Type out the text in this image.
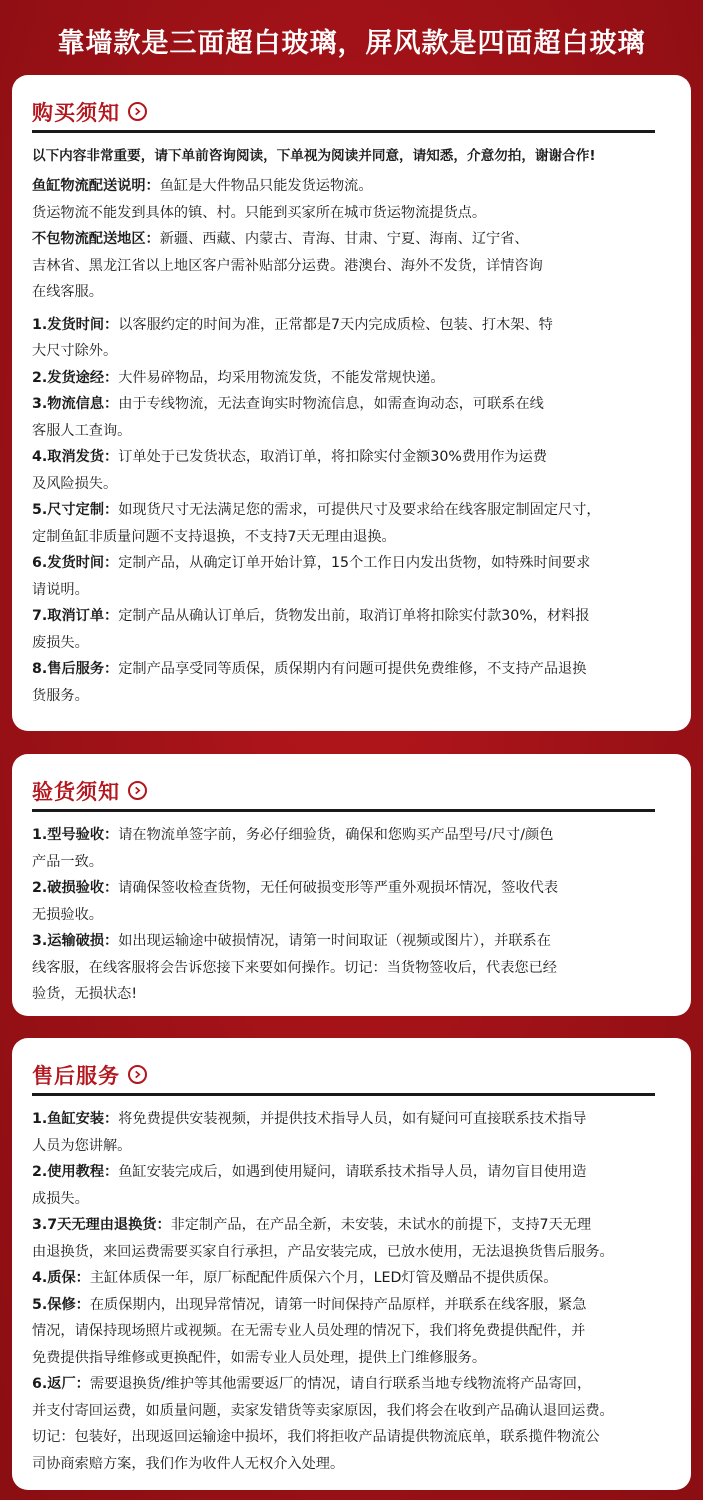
靠墙款是三面超白玻璃，屏风款是四面超白玻璃
购买须知
以下内容非常重要，请下单前咨询阅读，下单视为阅读并同意，请知悉，介意勿拍，谢谢合作!
鱼缸物流配送说明：鱼缸是大件物品只能发货运物流。
货运物流不能发到具体的镇、村。只能到买家所在城市货运物流提货点。
不包物流配送地区：新疆、西藏、内蒙古、青海、甘肃、宁夏、海南、辽宁省、
吉林省、黑龙江省以上地区客户需补贴部分运费。港澳台、海外不发货，详情咨询
在线客服。
1.发货时间：以客服约定的时间为准，正常都是7天内完成质检、包装、打木架、特
大尺寸除外。
2.发货途经：大件易碎物品，均采用物流发货，不能发常规快递。
3.物流信息：由于专线物流，无法查询实时物流信息，如需查询动态，可联系在线
客服人工查询。
4.取消发货：订单处于已发货状态，取消订单，将扣除实付金额30%费用作为运费
及风险损失。
5.尺寸定制：如现货尺寸无法满足您的需求，可提供尺寸及要求给在线客服定制固定尺寸，
定制鱼缸非质量问题不支持退换，不支持7天无理由退换。
6.发货时间：定制产品，从确定订单开始计算，15个工作日内发出货物，如特殊时间要求
请说明。
7.取消订单：定制产品从确认订单后，货物发出前，取消订单将扣除实付款30%，材料报
废损失。
8.售后服务：定制产品享受同等质保，质保期内有问题可提供免费维修，不支持产品退换
货服务。
验货须知
1.型号验收：请在物流单签字前，务必仔细验货，确保和您购买产品型号/尺寸/颜色
产品一致。
2.破损验收：请确保签收检查货物，无任何破损变形等严重外观损坏情况，签收代表
无损验收。
3.运输破损：如出现运输途中破损情况，请第一时间取证（视频或图片），并联系在
线客服，在线客服将会告诉您接下来要如何操作。切记：当货物签收后，代表您已经
验货，无损状态!
售后服务
1.鱼缸安装：将免费提供安装视频，并提供技术指导人员，如有疑问可直接联系技术指导
人员为您讲解。
2.使用教程：鱼缸安装完成后，如遇到使用疑问，请联系技术指导人员，请勿盲目使用造
成损失。
3.7天无理由退换货：非定制产品，在产品全新，未安装，未试水的前提下，支持7天无理
由退换货，来回运费需要买家自行承担，产品安装完成，已放水使用，无法退换货售后服务。
4.质保：主缸体质保一年，原厂标配配件质保六个月，LED灯管及赠品不提供质保。
5.保修：在质保期内，出现异常情况，请第一时间保持产品原样，并联系在线客服，紧急
情况，请保持现场照片或视频。在无需专业人员处理的情况下，我们将免费提供配件，并
免费提供指导维修或更换配件，如需专业人员处理，提供上门维修服务。
6.返厂：需要退换货/维护等其他需要返厂的情况，请自行联系当地专线物流将产品寄回，
并支付寄回运费，如质量问题，卖家发错货等卖家原因，我们将会在收到产品确认退回运费。
切记：包装好，出现返回运输途中损坏，我们将拒收产品请提供物流底单，联系揽件物流公
司协商索赔方案，我们作为收件人无权介入处理。
